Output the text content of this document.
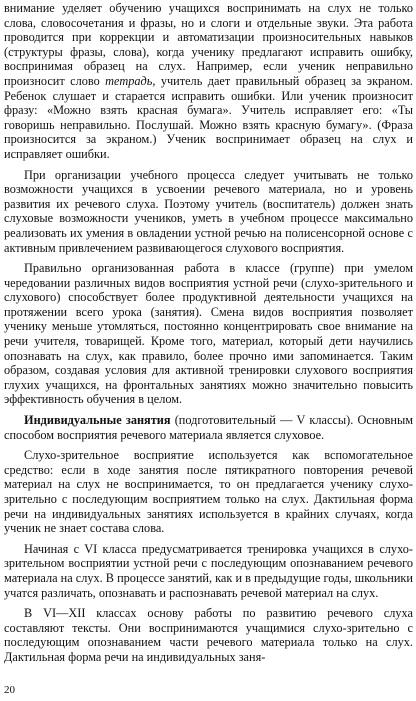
внимание уделяет обучению учащихся воспринимать на слух не только слова, словосочетания и фразы, но и слоги и отдельные звуки. Эта работа проводится при коррекции и автоматизации произносительных навыков (структуры фразы, слова), когда ученику предлагают исправить ошибку, воспринимая образец на слух. Например, если ученик неправильно произносит слово тетрадь, учитель дает правильный образец за экраном. Ребенок слушает и старается исправить ошибки. Или ученик произносит фразу: «Можно взять красная бумага». Учитель исправляет его: «Ты говоришь неправильно. Послушай. Можно взять красную бумагу». (Фраза произносится за экраном.) Ученик воспринимает образец на слух и исправляет ошибки.

При организации учебного процесса следует учитывать не только возможности учащихся в усвоении речевого материала, но и уровень развития их речевого слуха. Поэтому учитель (воспитатель) должен знать слуховые возможности учеников, уметь в учебном процессе максимально реализовать их умения в овладении устной речью на полисенсорной основе с активным привлечением развивающегося слухового восприятия.

Правильно организованная работа в классе (группе) при умелом чередовании различных видов восприятия устной речи (слухо-зрительного и слухового) способствует более продуктивной деятельности учащихся на протяжении всего урока (занятия). Смена видов восприятия позволяет ученику меньше утомляться, постоянно концентрировать свое внимание на речи учителя, товарищей. Кроме того, материал, который дети научились опознавать на слух, как правило, более прочно ими запоминается. Таким образом, создавая условия для активной тренировки слухового восприятия глухих учащихся, на фронтальных занятиях можно значительно повысить эффективность обучения в целом.

Индивидуальные занятия (подготовительный — V классы). Основным способом восприятия речевого материала является слуховое.

Слухо-зрительное восприятие используется как вспомогательное средство: если в ходе занятия после пятикратного повторения речевой материал на слух не воспринимается, то он предлагается ученику слухо-зрительно с последующим восприятием только на слух. Дактильная форма речи на индивидуальных занятиях используется в крайних случаях, когда ученик не знает состава слова.

Начиная с VI класса предусматривается тренировка учащихся в слухо-зрительном восприятии устной речи с последующим опознаванием речевого материала на слух. В процессе занятий, как и в предыдущие годы, школьники учатся различать, опознавать и распознавать речевой материал на слух.

В VI—XII классах основу работы по развитию речевого слуха составляют тексты. Они воспринимаются учащимися слухо-зрительно с последующим опознаванием части речевого материала только на слух. Дактильная форма речи на индивидуальных заня-

20
